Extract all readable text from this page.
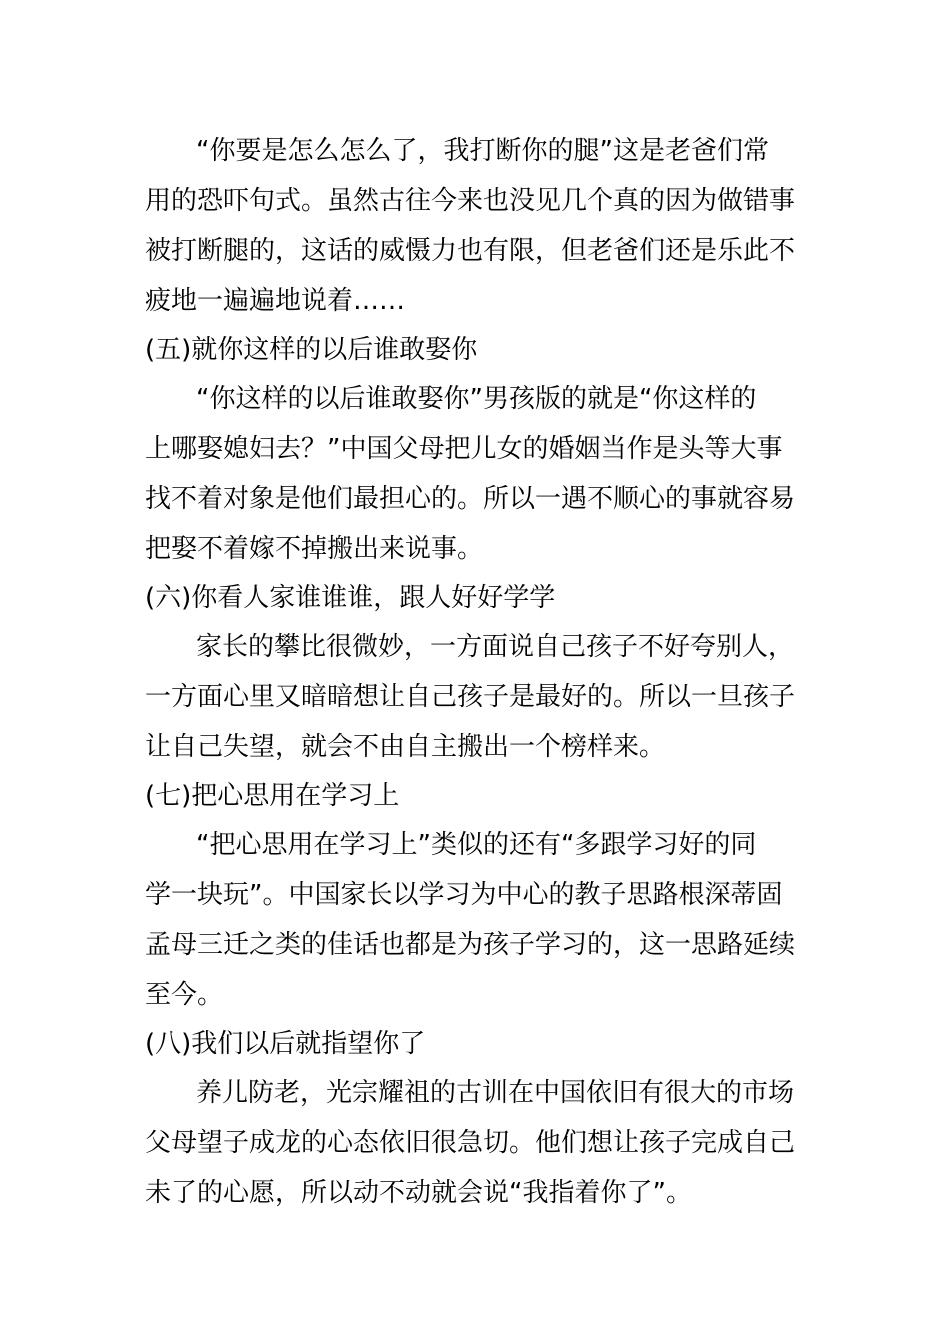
“你要是怎么怎么了，我打断你的腿”这是老爸们常
用的恐吓句式。虽然古往今来也没见几个真的因为做错事
被打断腿的，这话的威慑力也有限，但老爸们还是乐此不
疲地一遍遍地说着……
(五)就你这样的以后谁敢娶你
“你这样的以后谁敢娶你”男孩版的就是“你这样的
上哪娶媳妇去？”中国父母把儿女的婚姻当作是头等大事
找不着对象是他们最担心的。所以一遇不顺心的事就容易
把娶不着嫁不掉搬出来说事。
(六)你看人家谁谁谁，跟人好好学学
家长的攀比很微妙，一方面说自己孩子不好夸别人，
一方面心里又暗暗想让自己孩子是最好的。所以一旦孩子
让自己失望，就会不由自主搬出一个榜样来。
(七)把心思用在学习上
“把心思用在学习上”类似的还有“多跟学习好的同
学一块玩”。中国家长以学习为中心的教子思路根深蒂固
孟母三迁之类的佳话也都是为孩子学习的，这一思路延续
至今。
(八)我们以后就指望你了
养儿防老，光宗耀祖的古训在中国依旧有很大的市场
父母望子成龙的心态依旧很急切。他们想让孩子完成自己
未了的心愿，所以动不动就会说“我指着你了”。
